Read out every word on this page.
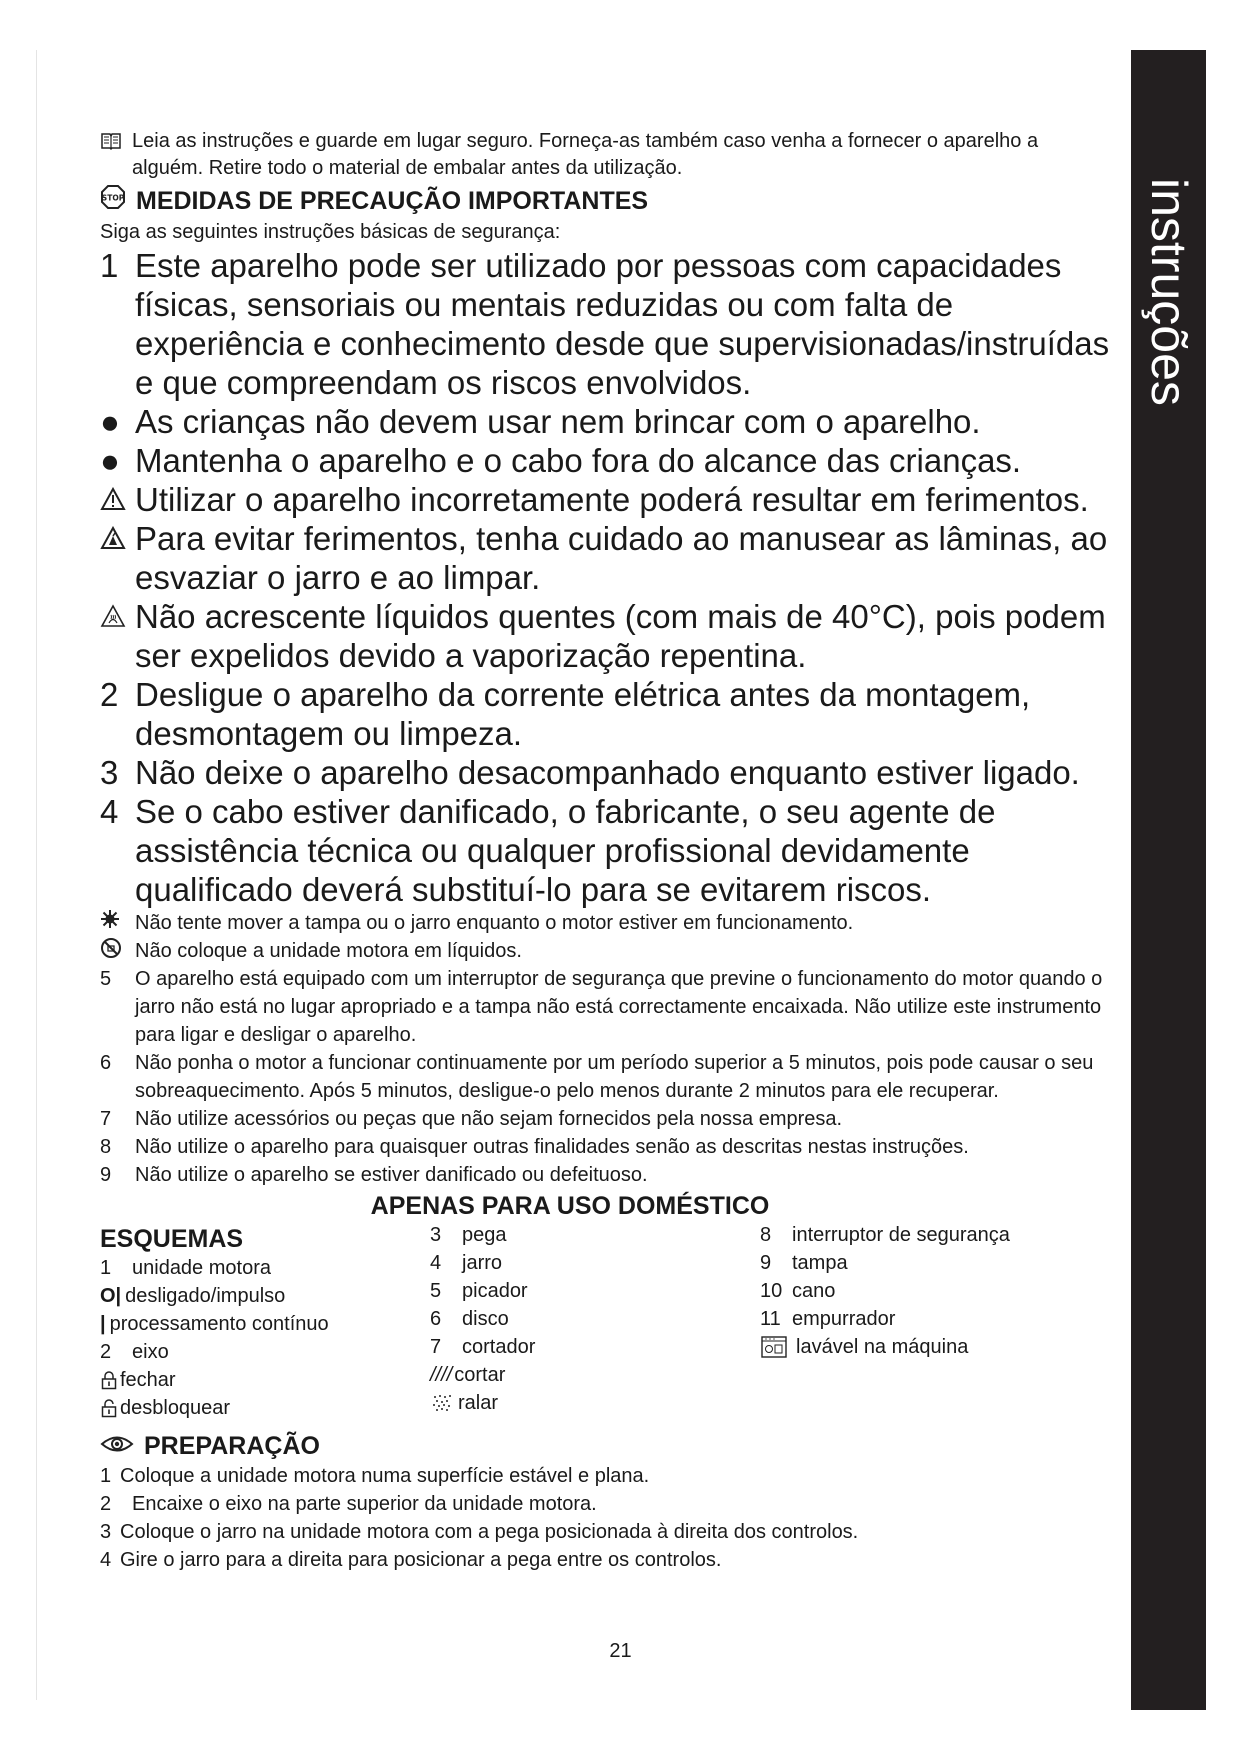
instruções
Leia as instruções e guarde em lugar seguro. Forneça-as também caso venha a fornecer o aparelho a alguém. Retire todo o material de embalar antes da utilização.
STOP MEDIDAS DE PRECAUÇÃO IMPORTANTES
Siga as seguintes instruções básicas de segurança:
1 Este aparelho pode ser utilizado por pessoas com capacidades físicas, sensoriais ou mentais reduzidas ou com falta de experiência e conhecimento desde que supervisionadas/instruídas e que compreendam os riscos envolvidos.
● As crianças não devem usar nem brincar com o aparelho.
● Mantenha o aparelho e o cabo fora do alcance das crianças.
Utilizar o aparelho incorretamente poderá resultar em ferimentos.
Para evitar ferimentos, tenha cuidado ao manusear as lâminas, ao esvaziar o jarro e ao limpar.
Não acrescente líquidos quentes (com mais de 40°C), pois podem ser expelidos devido a vaporização repentina.
2 Desligue o aparelho da corrente elétrica antes da montagem, desmontagem ou limpeza.
3 Não deixe o aparelho desacompanhado enquanto estiver ligado.
4 Se o cabo estiver danificado, o fabricante, o seu agente de assistência técnica ou qualquer profissional devidamente qualificado deverá substituí-lo para se evitarem riscos.
Não tente mover a tampa ou o jarro enquanto o motor estiver em funcionamento.
Não coloque a unidade motora em líquidos.
5	O aparelho está equipado com um interruptor de segurança que previne o funcionamento do motor quando o jarro não está no lugar apropriado e a tampa não está correctamente encaixada. Não utilize este instrumento para ligar e desligar o aparelho.
6	Não ponha o motor a funcionar continuamente por um período superior a 5 minutos, pois pode causar o seu sobreaquecimento. Após 5 minutos, desligue-o pelo menos durante 2 minutos para ele recuperar.
7	Não utilize acessórios ou peças que não sejam fornecidos pela nossa empresa.
8	Não utilize o aparelho para quaisquer outras finalidades senão as descritas nestas instruções.
9	Não utilize o aparelho se estiver danificado ou defeituoso.
APENAS PARA USO DOMÉSTICO
ESQUEMAS
1	unidade motora
O| desligado/impulso
| processamento contínuo
2	eixo
fechar
desbloquear
3	pega
4	jarro
5	picador
6	disco
7	cortador
//// cortar
ralar
8	interruptor de segurança
9	tampa
10 cano
11 empurrador
lavável na máquina
PREPARAÇÃO
1 Coloque a unidade motora numa superfície estável e plana.
2	Encaixe o eixo na parte superior da unidade motora.
3 Coloque o jarro na unidade motora com a pega posicionada à direita dos controlos.
4 Gire o jarro para a direita para posicionar a pega entre os controlos.
21
